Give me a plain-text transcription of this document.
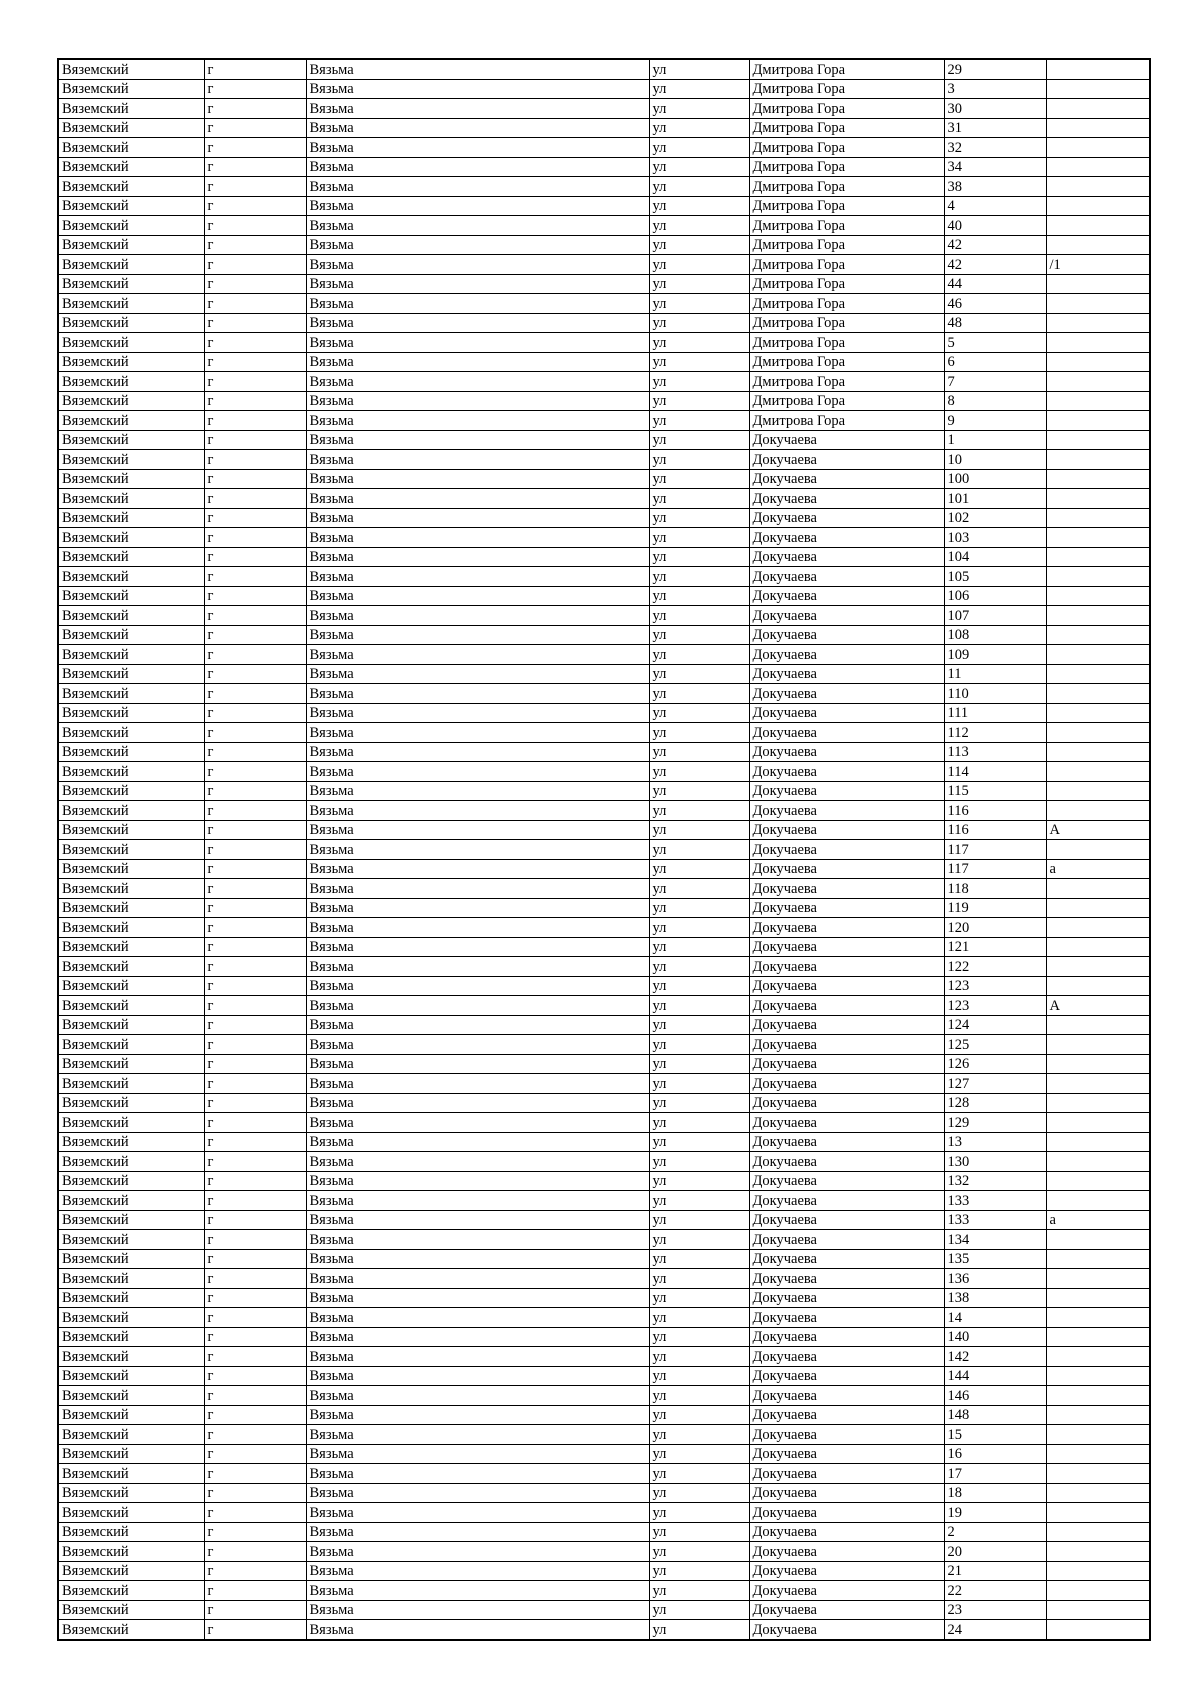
Вяземский	г	Вязьма	ул	Дмитрова Гора	29	
Вяземский	г	Вязьма	ул	Дмитрова Гора	3	
Вяземский	г	Вязьма	ул	Дмитрова Гора	30	
Вяземский	г	Вязьма	ул	Дмитрова Гора	31	
Вяземский	г	Вязьма	ул	Дмитрова Гора	32	
Вяземский	г	Вязьма	ул	Дмитрова Гора	34	
Вяземский	г	Вязьма	ул	Дмитрова Гора	38	
Вяземский	г	Вязьма	ул	Дмитрова Гора	4	
Вяземский	г	Вязьма	ул	Дмитрова Гора	40	
Вяземский	г	Вязьма	ул	Дмитрова Гора	42	
Вяземский	г	Вязьма	ул	Дмитрова Гора	42	/1
Вяземский	г	Вязьма	ул	Дмитрова Гора	44	
Вяземский	г	Вязьма	ул	Дмитрова Гора	46	
Вяземский	г	Вязьма	ул	Дмитрова Гора	48	
Вяземский	г	Вязьма	ул	Дмитрова Гора	5	
Вяземский	г	Вязьма	ул	Дмитрова Гора	6	
Вяземский	г	Вязьма	ул	Дмитрова Гора	7	
Вяземский	г	Вязьма	ул	Дмитрова Гора	8	
Вяземский	г	Вязьма	ул	Дмитрова Гора	9	
Вяземский	г	Вязьма	ул	Докучаева	1	
Вяземский	г	Вязьма	ул	Докучаева	10	
Вяземский	г	Вязьма	ул	Докучаева	100	
Вяземский	г	Вязьма	ул	Докучаева	101	
Вяземский	г	Вязьма	ул	Докучаева	102	
Вяземский	г	Вязьма	ул	Докучаева	103	
Вяземский	г	Вязьма	ул	Докучаева	104	
Вяземский	г	Вязьма	ул	Докучаева	105	
Вяземский	г	Вязьма	ул	Докучаева	106	
Вяземский	г	Вязьма	ул	Докучаева	107	
Вяземский	г	Вязьма	ул	Докучаева	108	
Вяземский	г	Вязьма	ул	Докучаева	109	
Вяземский	г	Вязьма	ул	Докучаева	11	
Вяземский	г	Вязьма	ул	Докучаева	110	
Вяземский	г	Вязьма	ул	Докучаева	111	
Вяземский	г	Вязьма	ул	Докучаева	112	
Вяземский	г	Вязьма	ул	Докучаева	113	
Вяземский	г	Вязьма	ул	Докучаева	114	
Вяземский	г	Вязьма	ул	Докучаева	115	
Вяземский	г	Вязьма	ул	Докучаева	116	
Вяземский	г	Вязьма	ул	Докучаева	116	А
Вяземский	г	Вязьма	ул	Докучаева	117	
Вяземский	г	Вязьма	ул	Докучаева	117	а
Вяземский	г	Вязьма	ул	Докучаева	118	
Вяземский	г	Вязьма	ул	Докучаева	119	
Вяземский	г	Вязьма	ул	Докучаева	120	
Вяземский	г	Вязьма	ул	Докучаева	121	
Вяземский	г	Вязьма	ул	Докучаева	122	
Вяземский	г	Вязьма	ул	Докучаева	123	
Вяземский	г	Вязьма	ул	Докучаева	123	А
Вяземский	г	Вязьма	ул	Докучаева	124	
Вяземский	г	Вязьма	ул	Докучаева	125	
Вяземский	г	Вязьма	ул	Докучаева	126	
Вяземский	г	Вязьма	ул	Докучаева	127	
Вяземский	г	Вязьма	ул	Докучаева	128	
Вяземский	г	Вязьма	ул	Докучаева	129	
Вяземский	г	Вязьма	ул	Докучаева	13	
Вяземский	г	Вязьма	ул	Докучаева	130	
Вяземский	г	Вязьма	ул	Докучаева	132	
Вяземский	г	Вязьма	ул	Докучаева	133	
Вяземский	г	Вязьма	ул	Докучаева	133	а
Вяземский	г	Вязьма	ул	Докучаева	134	
Вяземский	г	Вязьма	ул	Докучаева	135	
Вяземский	г	Вязьма	ул	Докучаева	136	
Вяземский	г	Вязьма	ул	Докучаева	138	
Вяземский	г	Вязьма	ул	Докучаева	14	
Вяземский	г	Вязьма	ул	Докучаева	140	
Вяземский	г	Вязьма	ул	Докучаева	142	
Вяземский	г	Вязьма	ул	Докучаева	144	
Вяземский	г	Вязьма	ул	Докучаева	146	
Вяземский	г	Вязьма	ул	Докучаева	148	
Вяземский	г	Вязьма	ул	Докучаева	15	
Вяземский	г	Вязьма	ул	Докучаева	16	
Вяземский	г	Вязьма	ул	Докучаева	17	
Вяземский	г	Вязьма	ул	Докучаева	18	
Вяземский	г	Вязьма	ул	Докучаева	19	
Вяземский	г	Вязьма	ул	Докучаева	2	
Вяземский	г	Вязьма	ул	Докучаева	20	
Вяземский	г	Вязьма	ул	Докучаева	21	
Вяземский	г	Вязьма	ул	Докучаева	22	
Вяземский	г	Вязьма	ул	Докучаева	23	
Вяземский	г	Вязьма	ул	Докучаева	24	
